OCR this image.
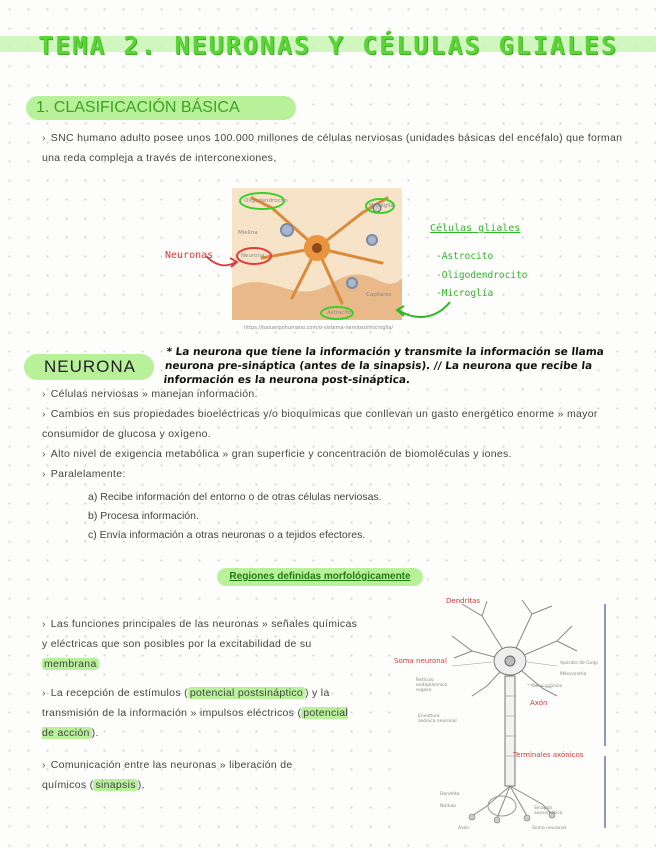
TEMA 2. NEURONAS Y CÉLULAS GLIALES
1. CLASIFICACIÓN BÁSICA
› SNC humano adulto posee unos 100.000 millones de células nerviosas (unidades básicas del encéfalo) que forman una reda compleja a través de interconexiones.
Oligodendrocito
Microglía
Neurona
Astrocito
Capilares
Mielina
https://tuouerpohumano.com/o-sistema-nervioso/microglia/
Neuronas
Células gliales
-Astrocito
-Oligodendrocito
-Microglía
NEURONA
* La neurona que tiene la información y transmite la información se llama neurona pre-sináptica (antes de la sinapsis). // La neurona que recibe la información es la neurona post-sináptica.
› Células nerviosas » manejan información.
› Cambios en sus propiedades bioeléctricas y/o bioquímicas que conllevan un gasto energético enorme » mayor consumidor de glucosa y oxígeno.
› Alto nivel de exigencia metabólica » gran superficie y concentración de biomoléculas y iones.
› Paralelamente:
a) Recibe información del entorno o de otras células nerviosas.
b) Procesa información.
c) Envía información a otras neuronas o a tejidos efectores.
Regiones definidas morfológicamente
› Las funciones principales de las neuronas » señales químicas y eléctricas que son posibles por la excitabilidad de su membrana
› La recepción de estímulos ( potencial postsináptico ) y la transmisión de la información » impulsos eléctricos ( potencial de acción ).
› Comunicación entre las neuronas » liberación de químicos ( sinapsis ).
Dendritas
Soma neuronal
Axón
Terminales axónicos
Aparato de Golgi
Mitocondria
Retículo endoplásmico rugoso
Cono axónico
Envoltura axónica neuronal
Dendrita
Nódulo
Axón
Sinapsis axosomática
Soma neuronal
